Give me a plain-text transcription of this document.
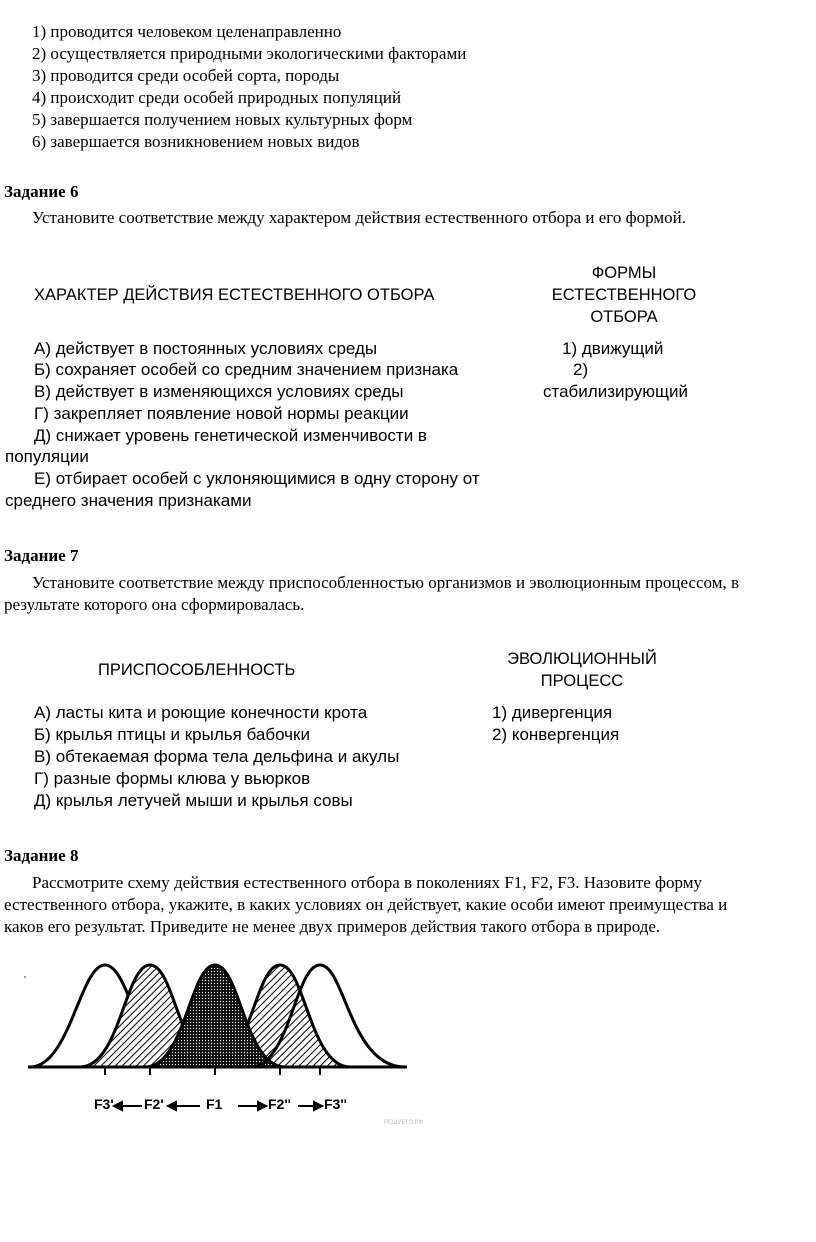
1) проводится человеком целенаправленно
2) осуществляется природными экологическими факторами
3) проводится среди особей сорта, породы
4) происходит среди особей природных популяций
5) завершается получением новых культурных форм
6) завершается возникновением новых видов
Задание 6
Установите соответствие между характером действия естественного отбора и его формой.
ХАРАКТЕР ДЕЙСТВИЯ ЕСТЕСТВЕННОГО ОТБОРА
ФОРМЫ
ЕСТЕСТВЕННОГО
ОТБОРА
А) действует в постоянных условиях среды
Б) сохраняет особей со средним значением признака
В) действует в изменяющихся условиях среды
Г) закрепляет появление новой нормы реакции
Д) снижает уровень генетической изменчивости в
популяции
Е) отбирает особей с уклоняющимися в одну сторону от
среднего значения признаками
1) движущий
2)
стабилизирующий
Задание 7
Установите соответствие между приспособленностью организмов и эволюционным процессом, в
результате которого она сформировалась.
ПРИСПОСОБЛЕННОСТЬ
ЭВОЛЮЦИОННЫЙ
ПРОЦЕСС
А) ласты кита и роющие конечности крота
Б) крылья птицы и крылья бабочки
В) обтекаемая форма тела дельфина и акулы
Г) разные формы клюва у вьюрков
Д) крылья летучей мыши и крылья совы
1) дивергенция
2) конвергенция
Задание 8
Рассмотрите схему действия естественного отбора в поколениях F1, F2, F3. Назовите форму
естественного отбора, укажите, в каких условиях он действует, какие особи имеют преимущества и
каков его результат. Приведите не менее двух примеров действия такого отбора в природе.
F3' F2'	F1	F2'' F3''
РЕШУЕГЭ.РФ
